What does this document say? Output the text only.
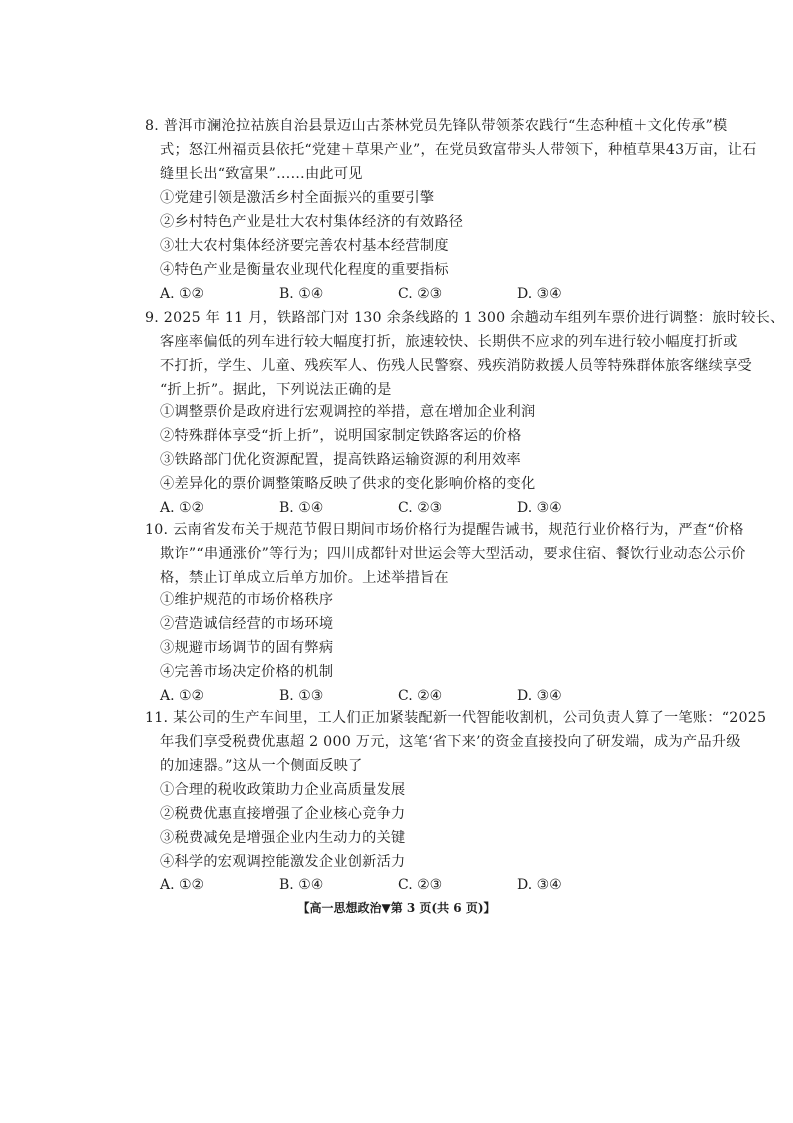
8. 普洱市澜沧拉祜族自治县景迈山古茶林党员先锋队带领茶农践行“生态种植＋文化传承”模
式；怒江州福贡县依托“党建＋草果产业”，在党员致富带头人带领下，种植草果43万亩，让石
缝里长出“致富果”……由此可见
①党建引领是激活乡村全面振兴的重要引擎
②乡村特色产业是壮大农村集体经济的有效路径
③壮大农村集体经济要完善农村基本经营制度
④特色产业是衡量农业现代化程度的重要指标
A. ①②	B. ①④	C. ②③	D. ③④
9. 2025 年 11 月，铁路部门对 130 余条线路的 1 300 余趟动车组列车票价进行调整：旅时较长、
客座率偏低的列车进行较大幅度打折，旅速较快、长期供不应求的列车进行较小幅度打折或
不打折，学生、儿童、残疾军人、伤残人民警察、残疾消防救援人员等特殊群体旅客继续享受
“折上折”。据此，下列说法正确的是
①调整票价是政府进行宏观调控的举措，意在增加企业利润
②特殊群体享受“折上折”，说明国家制定铁路客运的价格
③铁路部门优化资源配置，提高铁路运输资源的利用效率
④差异化的票价调整策略反映了供求的变化影响价格的变化
A. ①②	B. ①④	C. ②③	D. ③④
10. 云南省发布关于规范节假日期间市场价格行为提醒告诫书，规范行业价格行为，严查“价格
欺诈”“串通涨价”等行为；四川成都针对世运会等大型活动，要求住宿、餐饮行业动态公示价
格，禁止订单成立后单方加价。上述举措旨在
①维护规范的市场价格秩序
②营造诚信经营的市场环境
③规避市场调节的固有弊病
④完善市场决定价格的机制
A. ①②	B. ①③	C. ②④	D. ③④
11. 某公司的生产车间里，工人们正加紧装配新一代智能收割机，公司负责人算了一笔账：“2025
年我们享受税费优惠超 2 000 万元，这笔‘省下来’的资金直接投向了研发端，成为产品升级
的加速器。”这从一个侧面反映了
①合理的税收政策助力企业高质量发展
②税费优惠直接增强了企业核心竞争力
③税费减免是增强企业内生动力的关键
④科学的宏观调控能激发企业创新活力
A. ①②	B. ①④	C. ②③	D. ③④
【高一思想政治▼第 3 页(共 6 页)】
